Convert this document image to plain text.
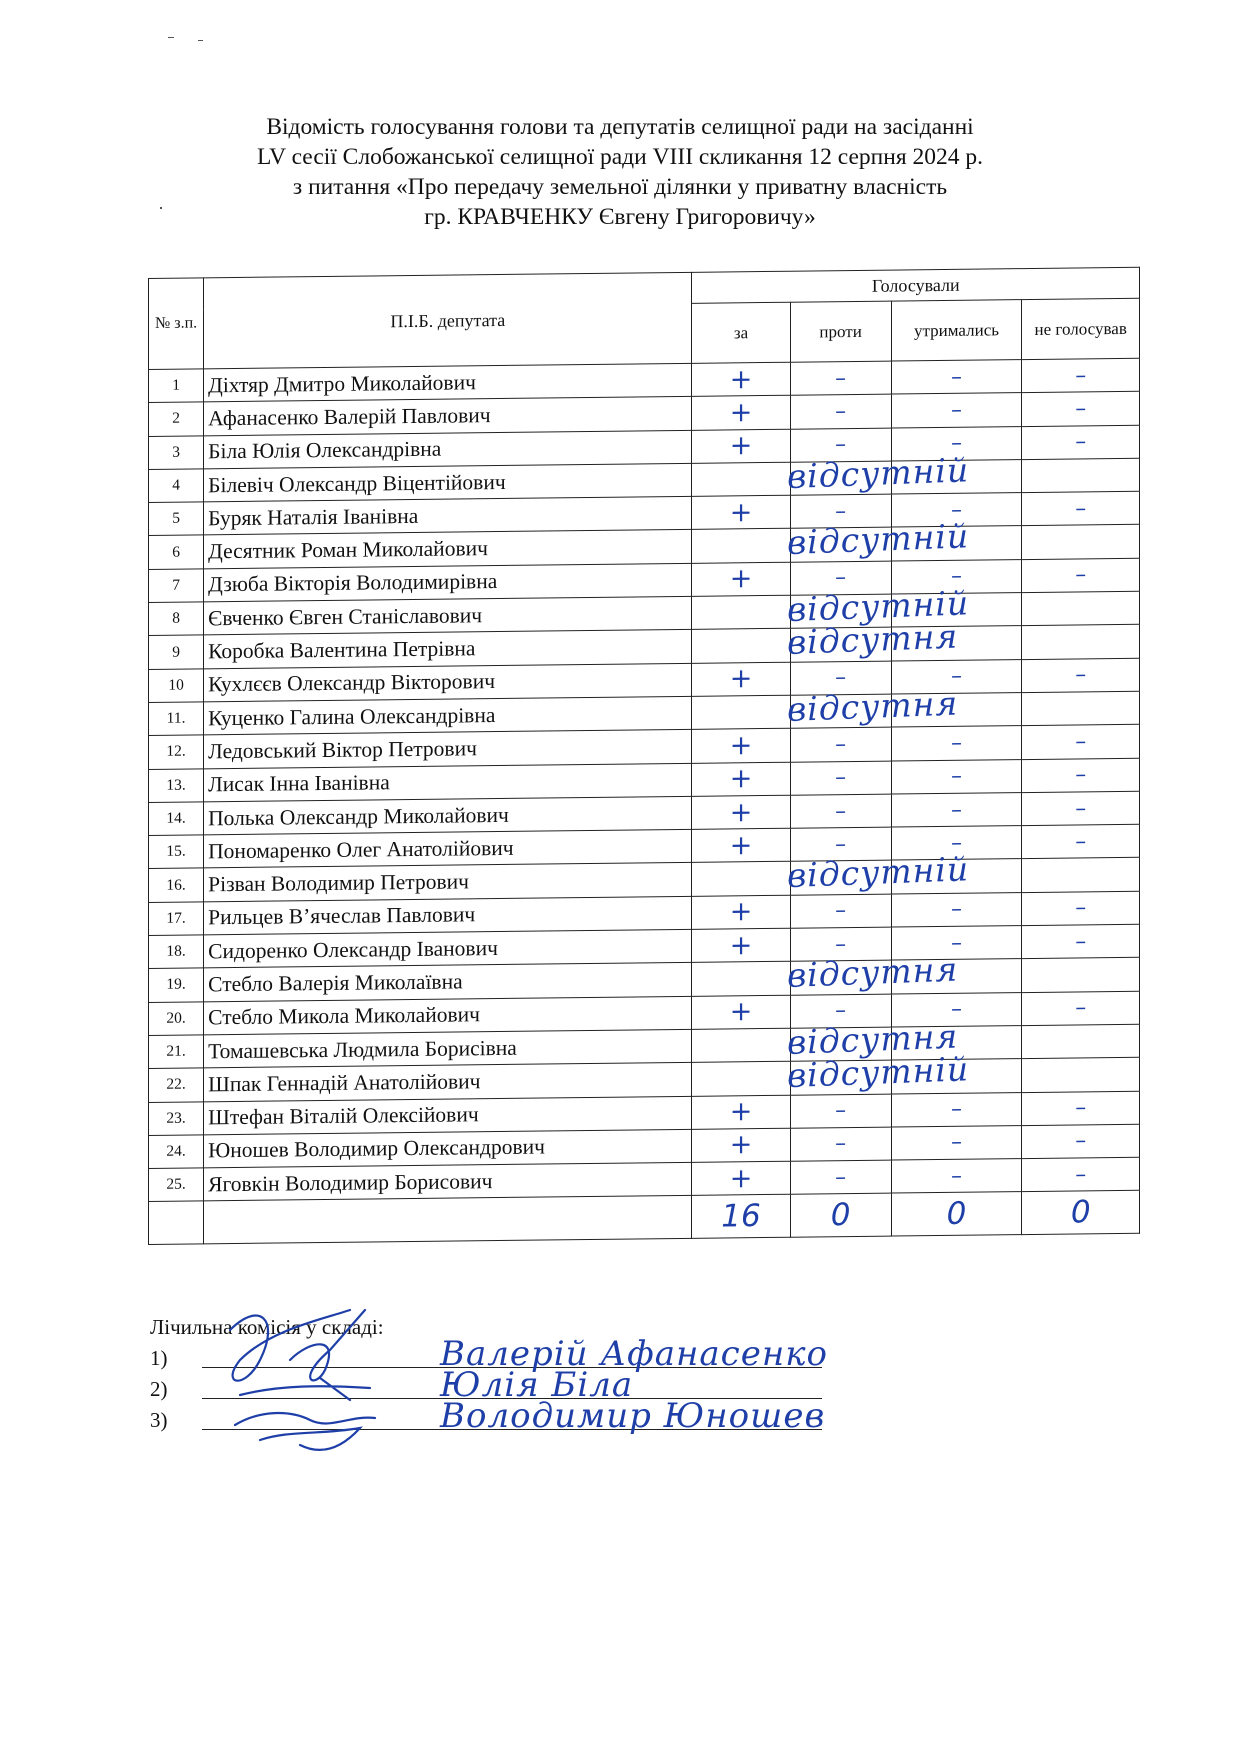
Відомість голосування голови та депутатів селищної ради на засіданні
LV сесії Слобожанської селищної ради VIII скликання 12 серпня 2024 р.
з питання «Про передачу земельної ділянки у приватну власність
гр. КРАВЧЕНКУ Євгену Григоровичу»
№ з.п.	П.І.Б. депутата	Голосували			
		за	проти	утримались	не голосував
1	Діхтяр Дмитро Миколайович	+	–	–	–
2	Афанасенко Валерій Павлович	+	–	–	–
3	Біла Юлія Олександрівна	+	–	–	–
4	Білевіч Олександр Віцентійович		відсутній		

5	Буряк Наталія Іванівна	+	–	–	–
6	Десятник Роман Миколайович		відсутній		

7	Дзюба Вікторія Володимирівна	+	–	–	–
8	Євченко Євген Станіславович		відсутній		

9	Коробка Валентина Петрівна		відсутня		

10	Кухлєєв Олександр Вікторович	+	–	–	–
11.	Куценко Галина Олександрівна		відсутня		

12.	Ледовський Віктор Петрович	+	–	–	–
13.	Лисак Інна Іванівна	+	–	–	–
14.	Полька Олександр Миколайович	+	–	–	–
15.	Пономаренко Олег Анатолійович	+	–	–	–
16.	Різван Володимир Петрович		відсутній		

17.	Рильцев В’ячеслав Павлович	+	–	–	–
18.	Сидоренко Олександр Іванович	+	–	–	–
19.	Стебло Валерія Миколаївна		відсутня		

20.	Стебло Микола Миколайович	+	–	–	–
21.	Томашевська Людмила Борисівна		відсутня		

22.	Шпак Геннадій Анатолійович		відсутній		

23.	Штефан Віталій Олексійович	+	–	–	–
24.	Юношев Володимир Олександрович	+	–	–	–
25.	Яговкін Володимир Борисович	+	–	–	–
		16	0	0	0
Лічильна комісія у складі:
1)	Валерій Афанасенко
2)	Юлія Біла
3)	Володимир Юношев
